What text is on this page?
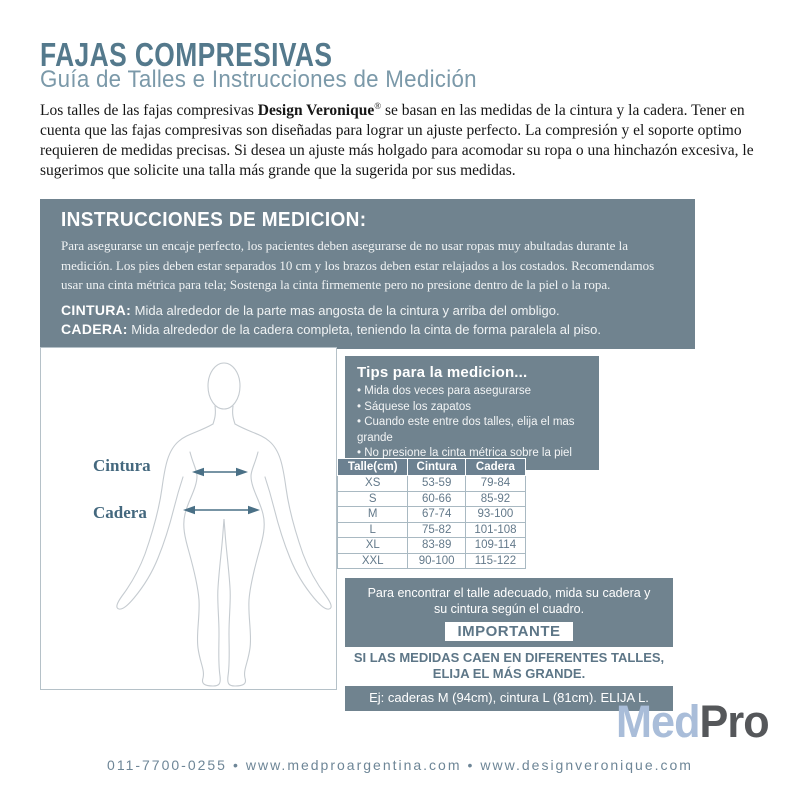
FAJAS COMPRESIVAS
Guía de Talles e Instrucciones de Medición

Los talles de las fajas compresivas Design Veronique® se basan en las medidas de la cintura y la cadera. Tener en cuenta que las fajas compresivas son diseñadas para lograr un ajuste perfecto. La compresión y el soporte optimo requieren de medidas precisas. Si desea un ajuste más holgado para acomodar su ropa o una hinchazón excesiva, le sugerimos que solicite una talla más grande que la sugerida por sus medidas.

INSTRUCCIONES DE MEDICION:

Para asegurarse un encaje perfecto, los pacientes deben asegurarse de no usar ropas muy abultadas durante la medición. Los pies deben estar separados 10 cm y los brazos deben estar relajados a los costados. Recomendamos usar una cinta métrica para tela; Sostenga la cinta firmemente pero no presione dentro de la piel o la ropa.

CINTURA: Mida alrededor de la parte mas angosta de la cintura y arriba del ombligo.
CADERA: Mida alrededor de la cadera completa, teniendo la cinta de forma paralela al piso.
Cintura
Cadera
Tips para la medicion...
• Mida dos veces para asegurarse
• Sáquese los zapatos
• Cuando este entre dos talles, elija el mas grande
• No presione la cinta métrica sobre la piel
Talle(cm)	Cintura	Cadera
XS	53-59	79-84
S	60-66	85-92
M	67-74	93-100
L	75-82	101-108
XL	83-89	109-114
XXL	90-100	115-122
Para encontrar el talle adecuado, mida su cadera y su cintura según el cuadro.
IMPORTANTE
SI LAS MEDIDAS CAEN EN DIFERENTES TALLES,
ELIJA EL MÁS GRANDE.
Ej: caderas M (94cm), cintura L (81cm). ELIJA L.
MedPro
011-7700-0255 • www.medproargentina.com • www.designveronique.com
